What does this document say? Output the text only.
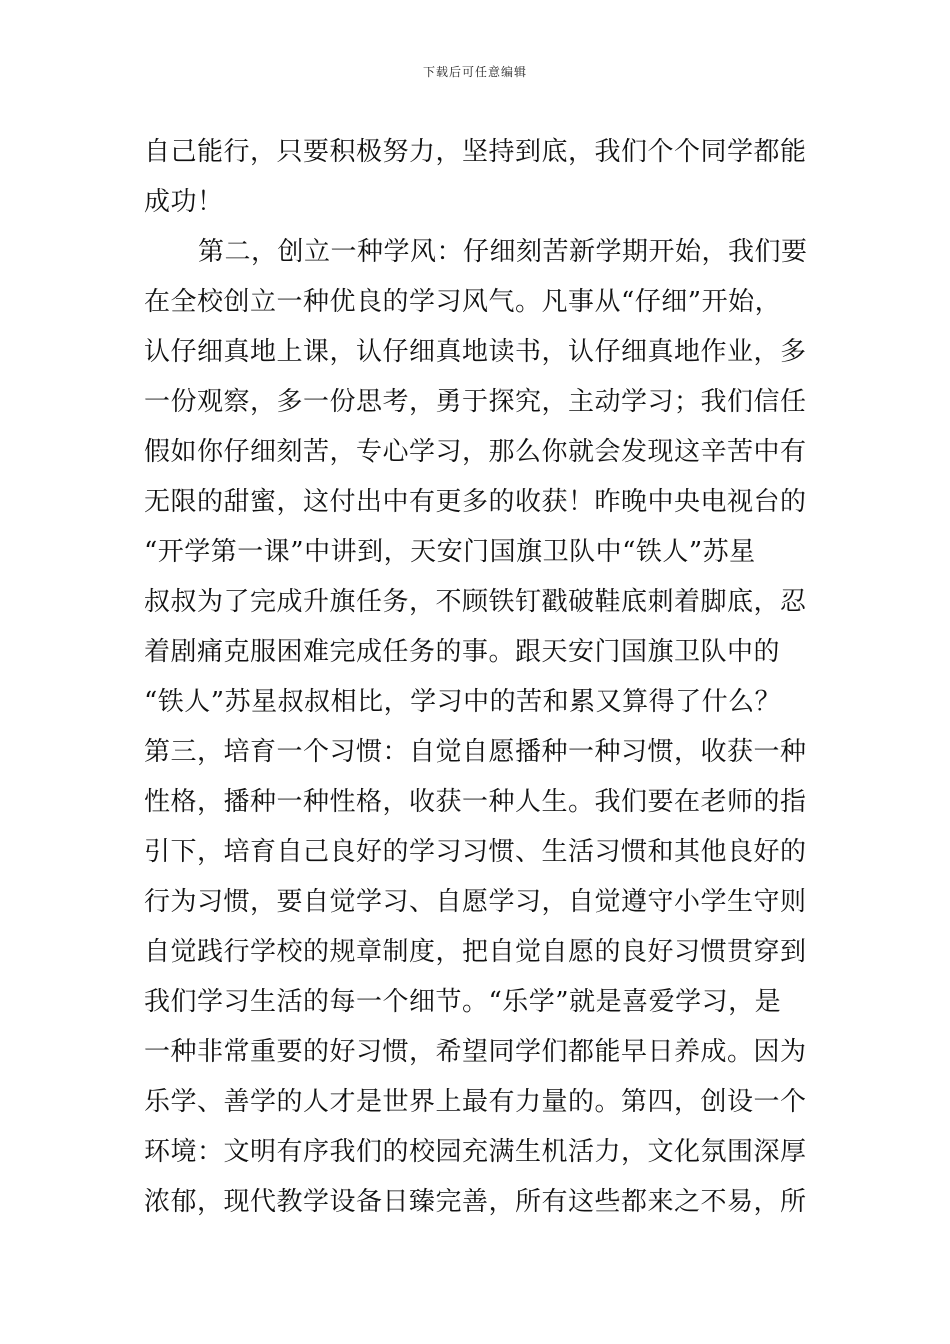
下载后可任意编辑
自己能行，只要积极努力，坚持到底，我们个个同学都能
成功！
第二，创立一种学风：仔细刻苦新学期开始，我们要
在全校创立一种优良的学习风气。凡事从“仔细”开始，
认仔细真地上课，认仔细真地读书，认仔细真地作业，多
一份观察，多一份思考，勇于探究，主动学习；我们信任
假如你仔细刻苦，专心学习，那么你就会发现这辛苦中有
无限的甜蜜，这付出中有更多的收获！昨晚中央电视台的
“开学第一课”中讲到，天安门国旗卫队中“铁人”苏星
叔叔为了完成升旗任务，不顾铁钉戳破鞋底刺着脚底，忍
着剧痛克服困难完成任务的事。跟天安门国旗卫队中的
“铁人”苏星叔叔相比，学习中的苦和累又算得了什么？
第三，培育一个习惯：自觉自愿播种一种习惯，收获一种
性格，播种一种性格，收获一种人生。我们要在老师的指
引下，培育自己良好的学习习惯、生活习惯和其他良好的
行为习惯，要自觉学习、自愿学习，自觉遵守小学生守则
自觉践行学校的规章制度，把自觉自愿的良好习惯贯穿到
我们学习生活的每一个细节。“乐学”就是喜爱学习，是
一种非常重要的好习惯，希望同学们都能早日养成。因为
乐学、善学的人才是世界上最有力量的。第四，创设一个
环境：文明有序我们的校园充满生机活力，文化氛围深厚
浓郁，现代教学设备日臻完善，所有这些都来之不易，所
